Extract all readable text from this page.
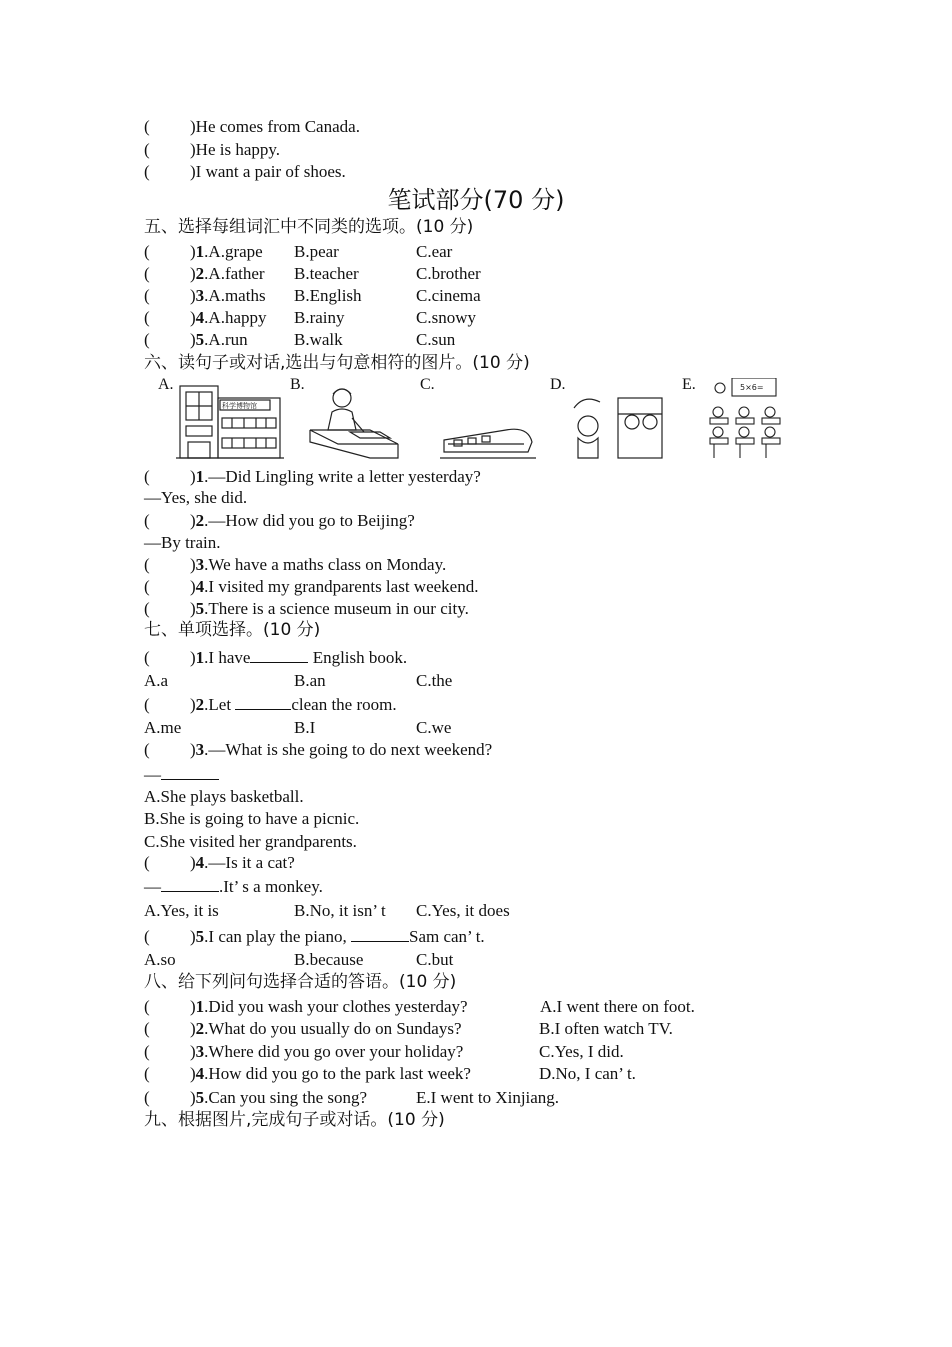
( )He comes from Canada.
( )He is happy.
( )I want a pair of shoes.
笔试部分(70 分)
五、选择每组词汇中不同类的选项。(10 分)
( )1.A.grape B.pear	C.ear
( )2.A.father B.teacher	C.brother
( )3.A.maths B.English	C.cinema
( )4.A.happy B.rainy	C.snowy
( )5.A.run	B.walk	C.sun
六、读句子或对话,选出与句意相符的图片。(10 分)
A.	B.	C.	D.	E.
科学博物馆
5×6=
( )1.—Did Lingling write a letter yesterday?
—Yes, she did.
( )2.—How did you go to Beijing?
—By train.
( )3.We have a maths class on Monday.
( )4.I visited my grandparents last weekend.
( )5.There is a science museum in our city.
七、单项选择。(10 分)
( )1.I have	English book.
A.a	B.an	C.the
( )2.Let	clean the room.
A.me	B.I	C.we
( )3.—What is she going to do next weekend?
—
A.She plays basketball.
B.She is going to have a picnic.
C.She visited her grandparents.
( )4.—Is it a cat?
—	.It’ s a monkey.
A.Yes, it is	B.No, it isn’ t C.Yes, it does
( )5.I can play the piano,	Sam can’ t.
A.so	B.because	C.but
八、给下列问句选择合适的答语。(10 分)
( )1.Did you wash your clothes yesterday?	A.I went there on foot.
( )2.What do you usually do on Sundays?	B.I often watch TV.
( )3.Where did you go over your holiday?	C.Yes, I did.
( )4.How did you go to the park last week?	D.No, I can’ t.
( )5.Can you sing the song?	E.I went to Xinjiang.
九、根据图片,完成句子或对话。(10 分)
